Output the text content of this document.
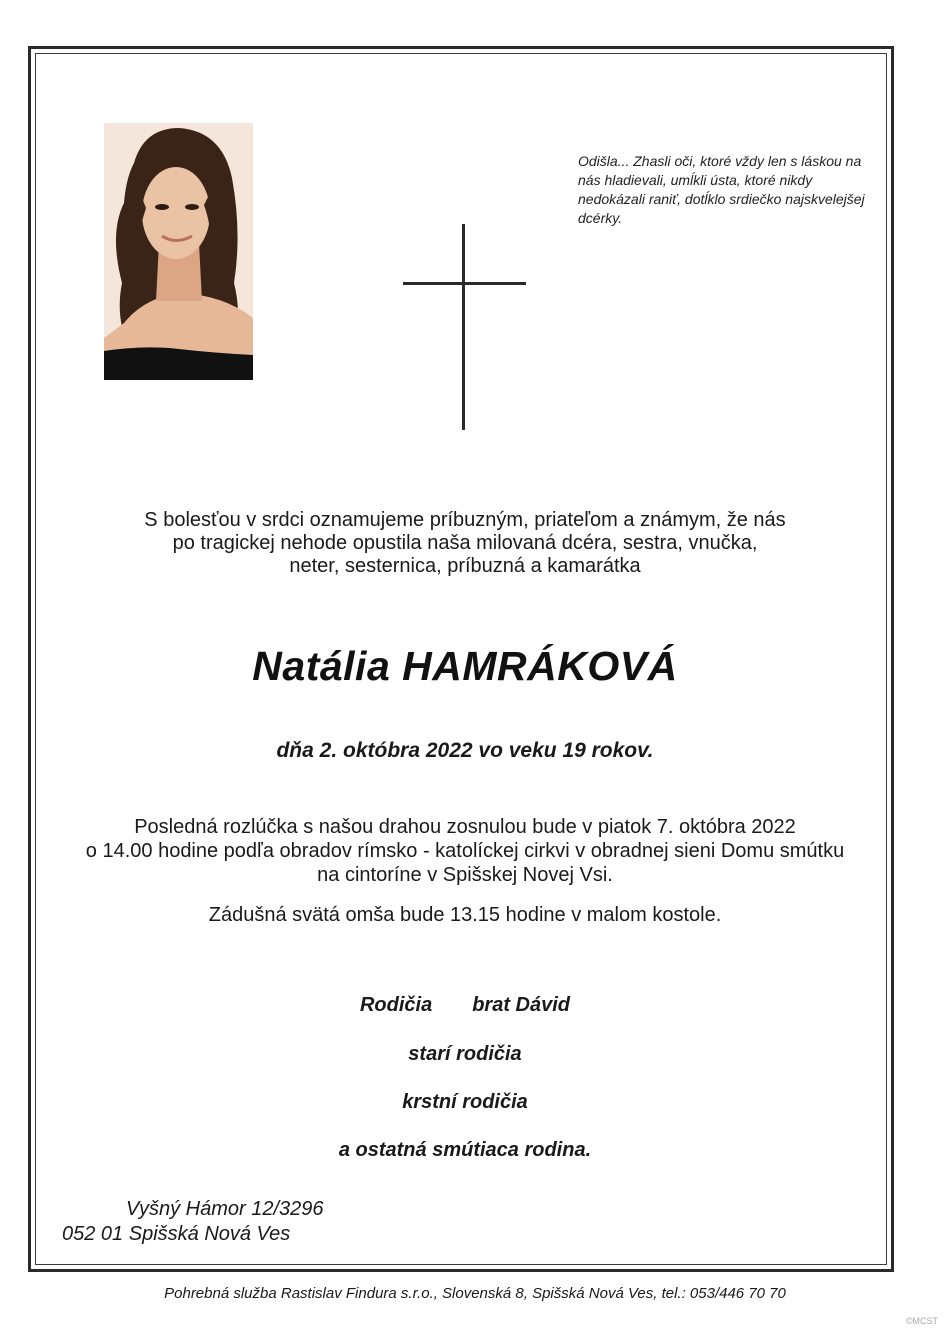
Odišla... Zhasli oči, ktoré vždy len s láskou na nás hladievali, umĺkli ústa, ktoré nikdy nedokázali raniť, dotĺklo srdiečko najskvelejšej dcérky.
S bolesťou v srdci oznamujeme príbuzným, priateľom a známym, že nás
po tragickej nehode opustila naša milovaná dcéra, sestra, vnučka,
neter, sesternica, príbuzná a kamarátka
Natália HAMRÁKOVÁ
dňa 2. októbra 2022 vo veku 19 rokov.
Posledná rozlúčka s našou drahou zosnulou bude v piatok 7. októbra 2022
o 14.00 hodine podľa obradov rímsko - katolíckej cirkvi v obradnej sieni Domu smútku
na cintoríne v Spišskej Novej Vsi.
Zádušná svätá omša bude 13.15 hodine v malom kostole.
Rodičia brat Dávid
starí rodičia
krstní rodičia
a ostatná smútiaca rodina.
Vyšný Hámor 12/3296
052 01 Spišská Nová Ves
Pohrebná služba Rastislav Findura s.r.o., Slovenská 8, Spišská Nová Ves, tel.: 053/446 70 70
©MCST
